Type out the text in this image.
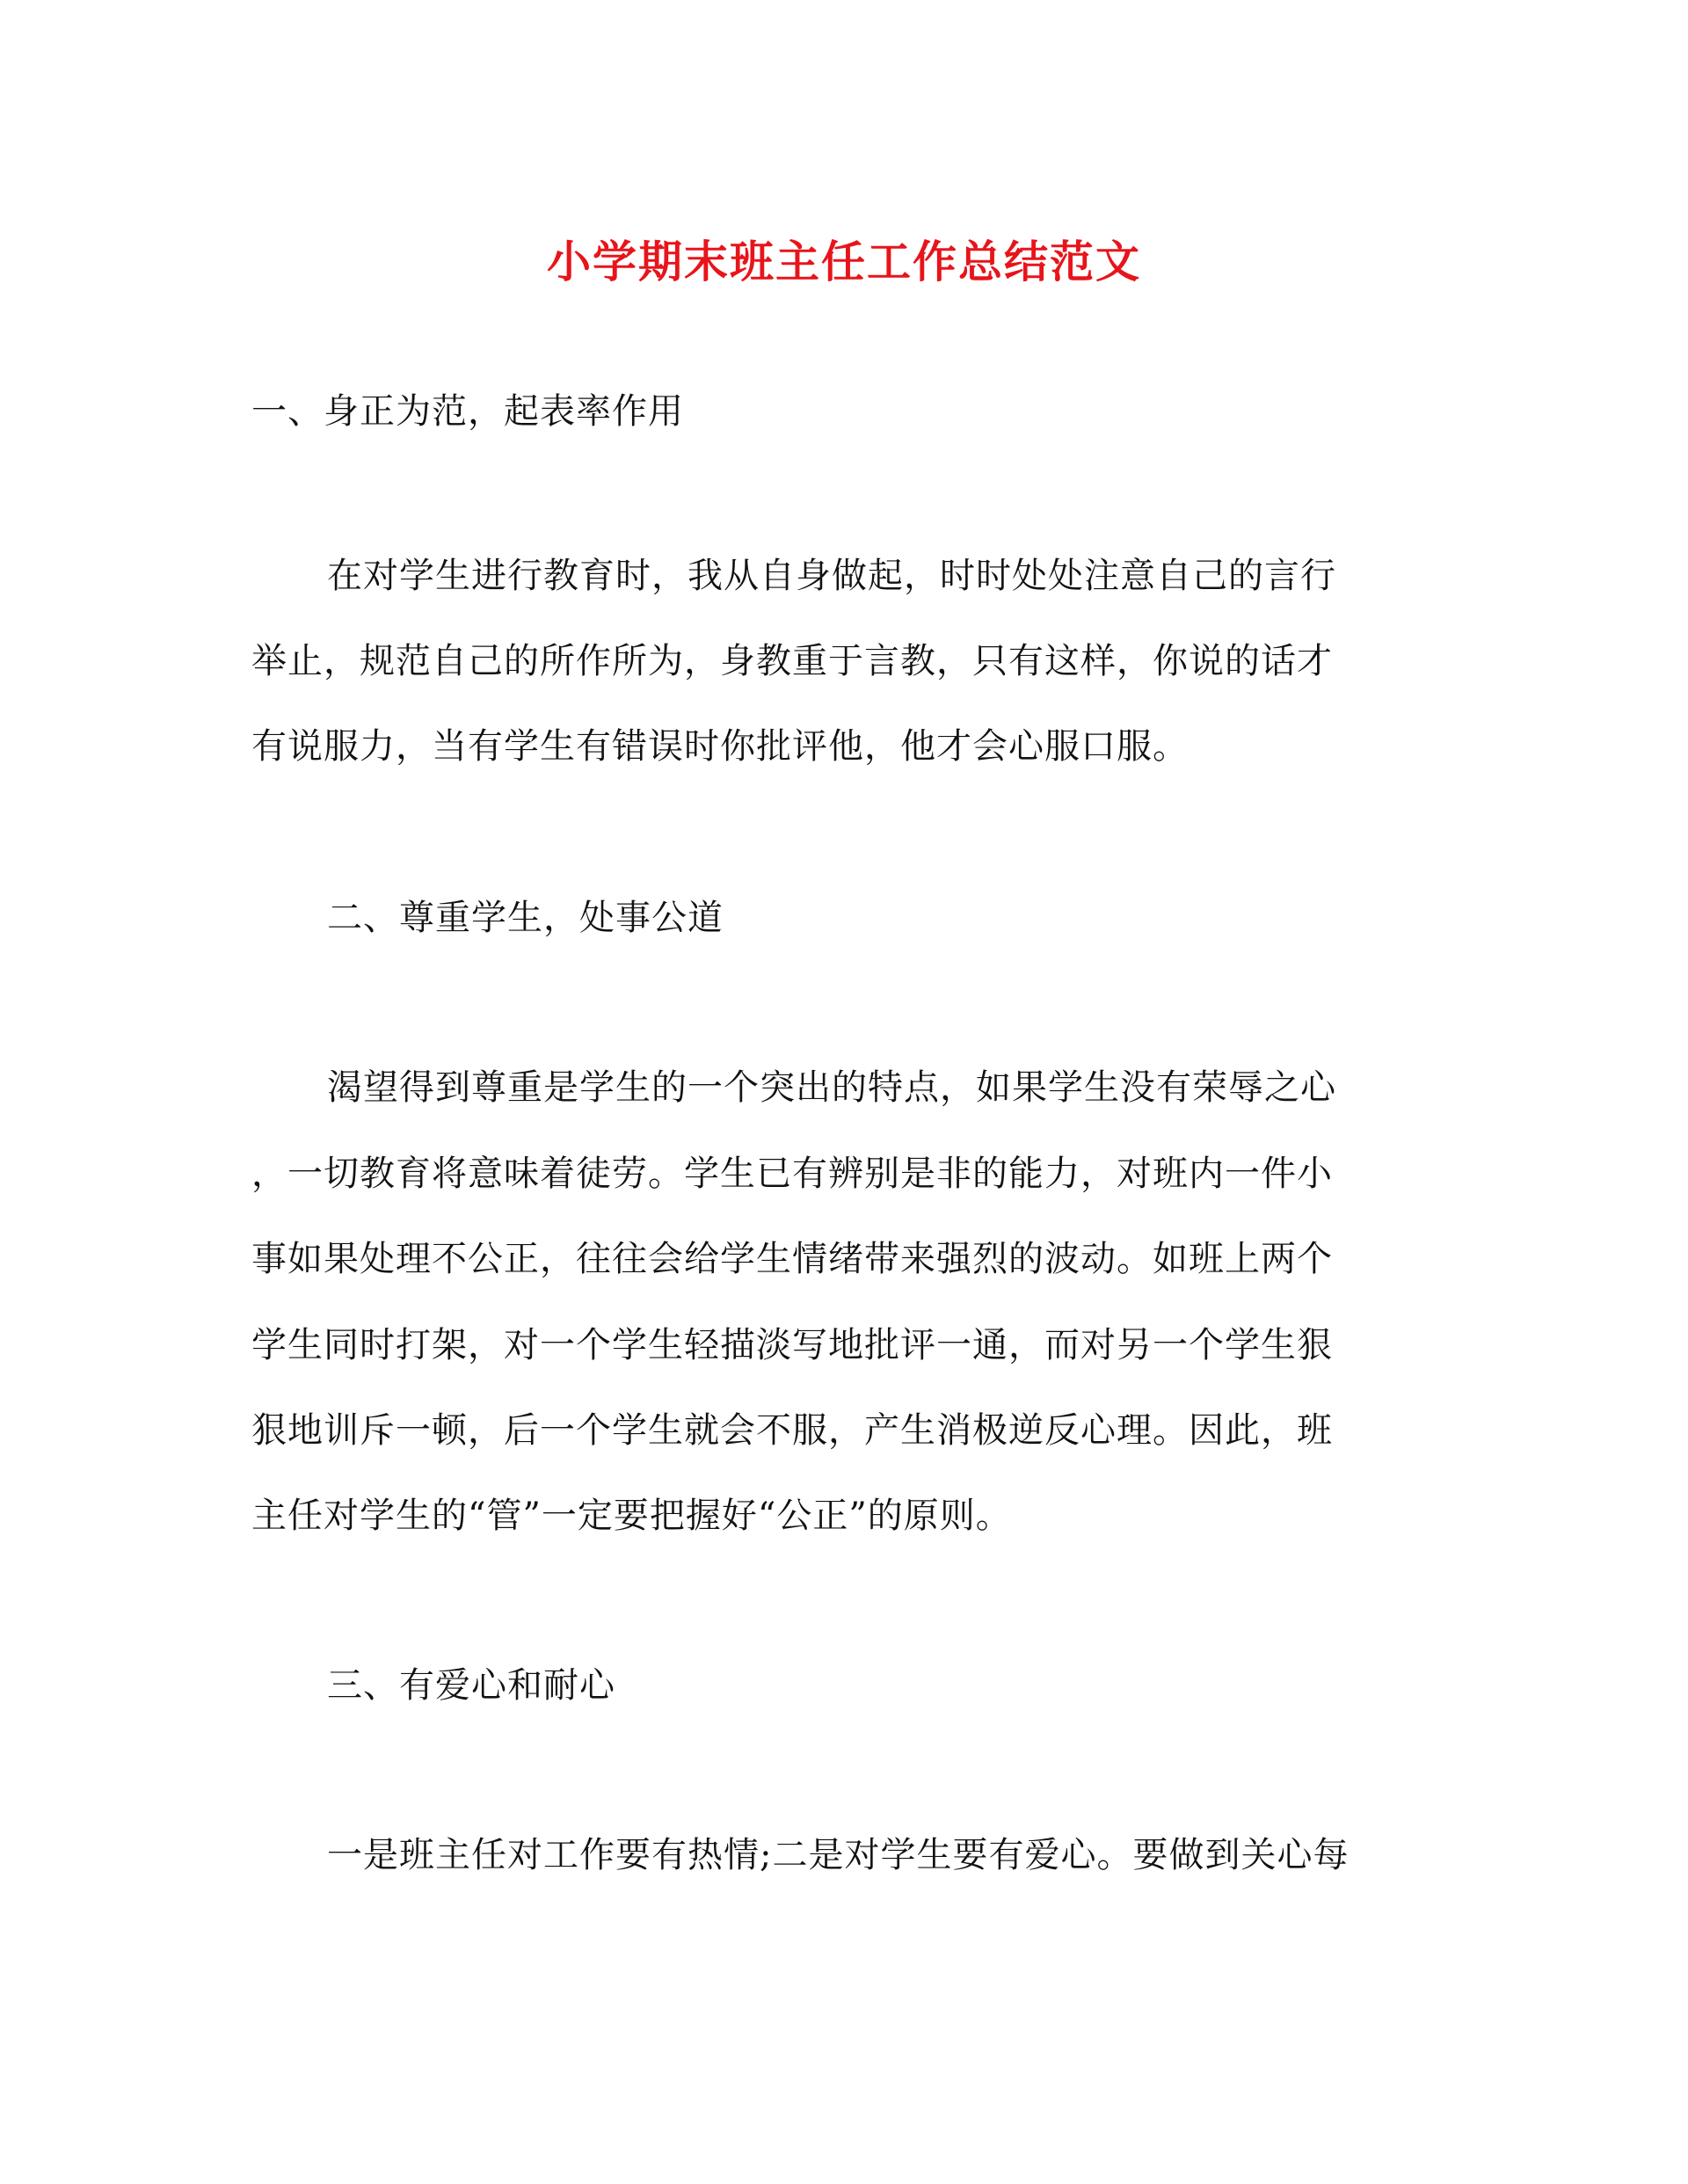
小学期末班主任工作总结范文

一、身正为范，起表率作用

在对学生进行教育时，我从自身做起，时时处处注意自己的言行

举止，规范自己的所作所为，身教重于言教，只有这样，你说的话才

有说服力，当有学生有错误时你批评他，他才会心服口服。

二、尊重学生，处事公道

渴望得到尊重是学生的一个突出的特点，如果学生没有荣辱之心

，一切教育将意味着徒劳。学生已有辨别是非的能力，对班内一件小

事如果处理不公正，往往会给学生情绪带来强烈的波动。如班上两个

学生同时打架，对一个学生轻描淡写地批评一通，而对另一个学生狠

狠地训斥一顿，后一个学生就会不服，产生消极逆反心理。因此，班

主任对学生的“管”一定要把握好“公正”的原则。

三、有爱心和耐心

一是班主任对工作要有热情;二是对学生要有爱心。要做到关心每
